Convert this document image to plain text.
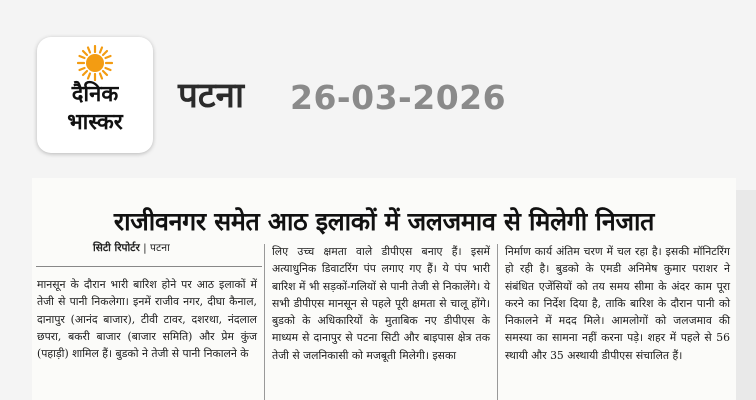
दैनिक
भास्कर
पटना 26-03-2026
राजीवनगर समेत आठ इलाकों में जलजमाव से मिलेगी निजात
सिटी रिपोर्टर | पटना
मानसून के दौरान भारी बारिश होने पर आठ इलाकों में तेजी से पानी निकलेगा। इनमें राजीव नगर, दीघा कैनाल, दानापुर (आनंद बाजार), टीवी टावर, दशरथा, नंदलाल छपरा, बकरी बाजार (बाजार समिति) और प्रेम कुंज (पहाड़ी) शामिल हैं। बुडको ने तेजी से पानी निकालने के
लिए उच्च क्षमता वाले डीपीएस बनाए हैं। इसमें अत्याधुनिक डिवाटरिंग पंप लगाए गए हैं। ये पंप भारी बारिश में भी सड़कों-गलियों से पानी तेजी से निकालेंगे। ये सभी डीपीएस मानसून से पहले पूरी क्षमता से चालू होंगे। बुडको के अधिकारियों के मुताबिक नए डीपीएस के माध्यम से दानापुर से पटना सिटी और बाइपास क्षेत्र तक तेजी से जलनिकासी को मजबूती मिलेगी। इसका
निर्माण कार्य अंतिम चरण में चल रहा है। इसकी मॉनिटरिंग हो रही है। बुडको के एमडी अनिमेष कुमार पराशर ने संबंधित एजेंसियों को तय समय सीमा के अंदर काम पूरा करने का निर्देश दिया है, ताकि बारिश के दौरान पानी को निकालने में मदद मिले। आमलोगों को जलजमाव की समस्या का सामना नहीं करना पड़े। शहर में पहले से 56 स्थायी और 35 अस्थायी डीपीएस संचालित हैं।
